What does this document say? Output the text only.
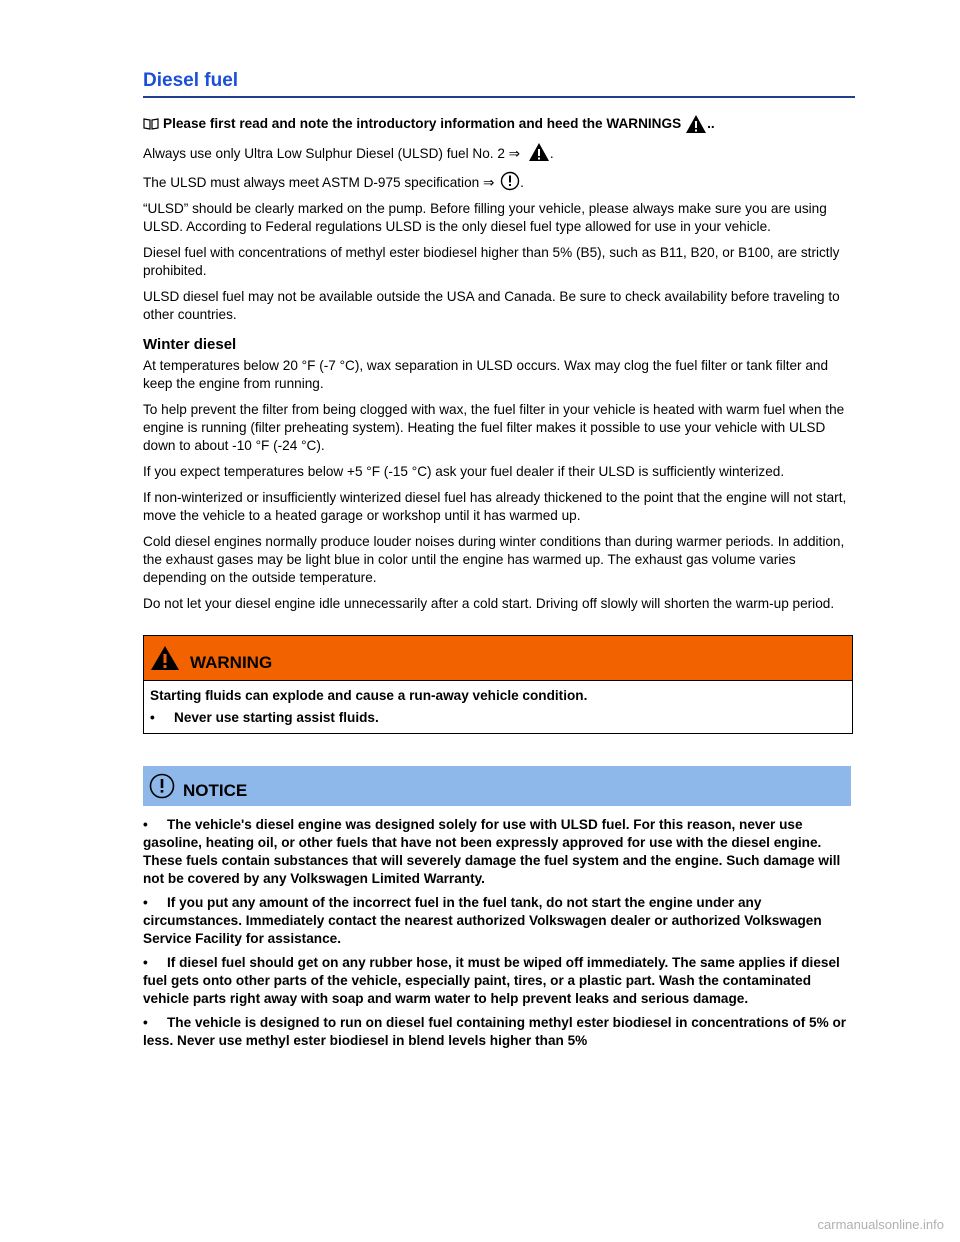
Diesel fuel

Please first read and note the introductory information and heed the WARNINGS ..

Always use only Ultra Low Sulphur Diesel (ULSD) fuel No. 2 ⇒ .

The ULSD must always meet ASTM D-975 specification ⇒ .

“ULSD” should be clearly marked on the pump. Before filling your vehicle, please always make sure you are using ULSD. According to Federal regulations ULSD is the only diesel fuel type allowed for use in your vehicle.

Diesel fuel with concentrations of methyl ester biodiesel higher than 5% (B5), such as B11, B20, or B100, are strictly prohibited.

ULSD diesel fuel may not be available outside the USA and Canada. Be sure to check availability before traveling to other countries.

Winter diesel

At temperatures below 20 °F (-7 °C), wax separation in ULSD occurs. Wax may clog the fuel filter or tank filter and keep the engine from running.

To help prevent the filter from being clogged with wax, the fuel filter in your vehicle is heated with warm fuel when the engine is running (filter preheating system). Heating the fuel filter makes it possible to use your vehicle with ULSD down to about -10 °F (-24 °C).

If you expect temperatures below +5 °F (-15 °C) ask your fuel dealer if their ULSD is sufficiently winterized.

If non-winterized or insufficiently winterized diesel fuel has already thickened to the point that the engine will not start, move the vehicle to a heated garage or workshop until it has warmed up.

Cold diesel engines normally produce louder noises during winter conditions than during warmer periods. In addition, the exhaust gases may be light blue in color until the engine has warmed up. The exhaust gas volume varies depending on the outside temperature.

Do not let your diesel engine idle unnecessarily after a cold start. Driving off slowly will shorten the warm-up period.

WARNING

Starting fluids can explode and cause a run-away vehicle condition.

• Never use starting assist fluids.

NOTICE

• The vehicle's diesel engine was designed solely for use with ULSD fuel. For this reason, never use gasoline, heating oil, or other fuels that have not been expressly approved for use with the diesel engine. These fuels contain substances that will severely damage the fuel system and the engine. Such damage will not be covered by any Volkswagen Limited Warranty.

• If you put any amount of the incorrect fuel in the fuel tank, do not start the engine under any circumstances. Immediately contact the nearest authorized Volkswagen dealer or authorized Volkswagen Service Facility for assistance.

• If diesel fuel should get on any rubber hose, it must be wiped off immediately. The same applies if diesel fuel gets onto other parts of the vehicle, especially paint, tires, or a plastic part. Wash the contaminated vehicle parts right away with soap and warm water to help prevent leaks and serious damage.

• The vehicle is designed to run on diesel fuel containing methyl ester biodiesel in concentrations of 5% or less. Never use methyl ester biodiesel in blend levels higher than 5%

carmanualsonline.info
